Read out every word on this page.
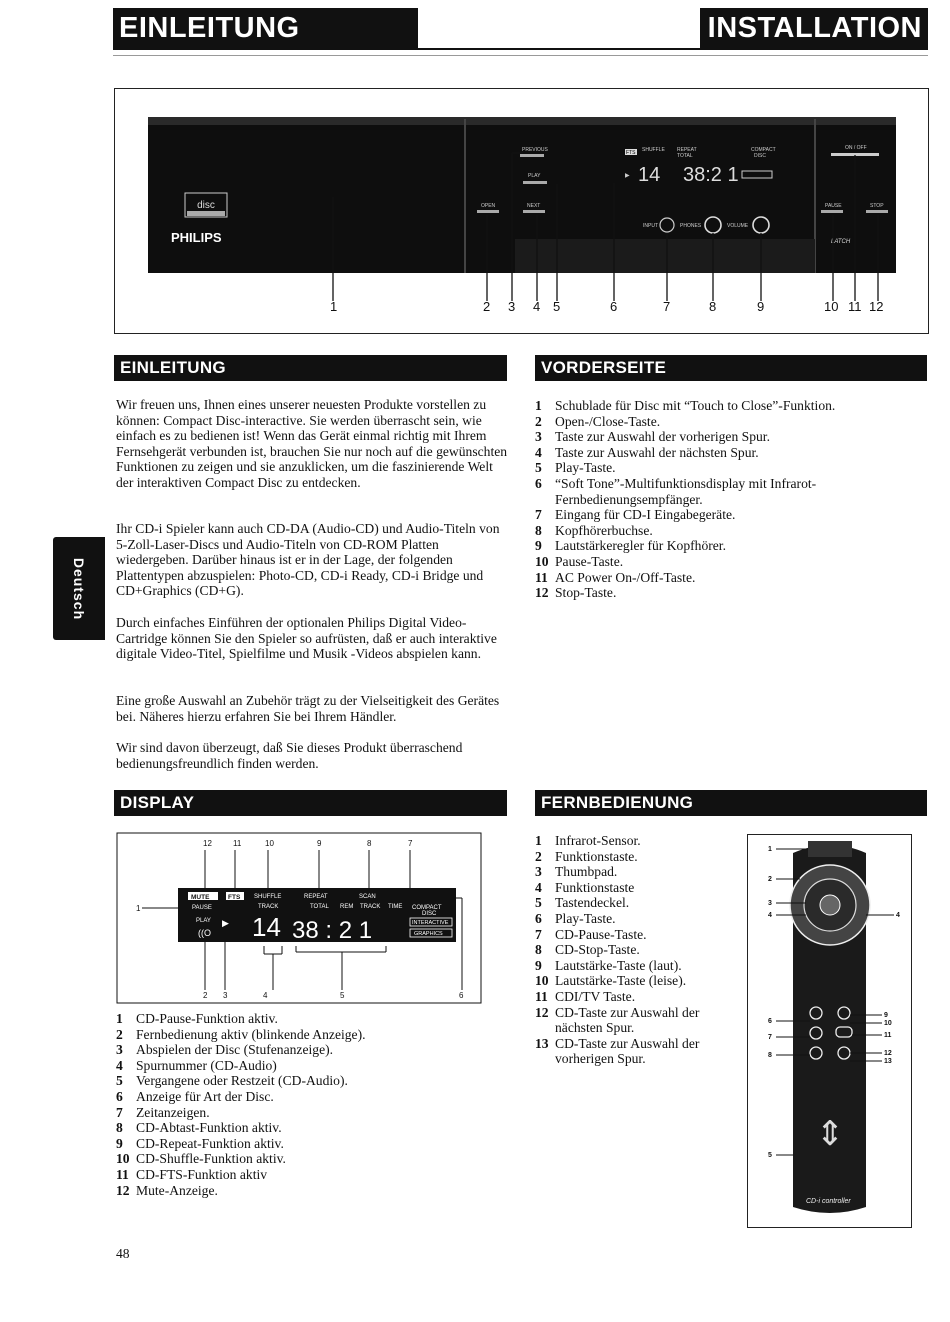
EINLEITUNG	INSTALLATION
disc
PHILIPS
PREVIOUS
PLAY
OPEN	NEXT
FTS SHUFFLE REPEAT
TOTAL
COMPACT
DISC
▶ 14 38:2 1
INPUT	PHONES	VOLUME
ON / OFF
PAUSE	STOP
LATCH
1	2 3 4 5	6	7	8	9	10 11 12
EINLEITUNG	VORDERSEITE
DISPLAY	FERNBEDIENUNG
Deutsch

Wir freuen uns, Ihnen eines unserer neuesten Produkte vorstellen zu können: Compact Disc-interactive. Sie werden überrascht sein, wie einfach es zu bedienen ist! Wenn das Gerät einmal richtig mit Ihrem Fernsehgerät verbunden ist, brauchen Sie nur noch auf die gewünschten Funktionen zu zeigen und sie anzuklicken, um die faszinierende Welt der interaktiven Compact Disc zu entdecken.

Ihr CD-i Spieler kann auch CD-DA (Audio-CD) und Audio-Titeln von 5-Zoll-Laser-Discs und Audio-Titeln von CD-ROM Platten wiedergeben. Darüber hinaus ist er in der Lage, der folgenden Plattentypen abzuspielen: Photo-CD, CD-i Ready, CD-i Bridge und CD+Graphics (CD+G).

Durch einfaches Einführen der optionalen Philips Digital Video-Cartridge können Sie den Spieler so aufrüsten, daß er auch interaktive digitale Video-Titel, Spielfilme und Musik -Videos abspielen kann.

Eine große Auswahl an Zubehör trägt zu der Vielseitigkeit des Gerätes bei. Näheres hierzu erfahren Sie bei Ihrem Händler.

Wir sind davon überzeugt, daß Sie dieses Produkt überraschend bedienungsfreundlich finden werden.

1 Schublade für Disc mit “Touch to Close”-Funktion.
2 Open-/Close-Taste.
3 Taste zur Auswahl der vorherigen Spur.
4 Taste zur Auswahl der nächsten Spur.
5 Play-Taste.
6 “Soft Tone”-Multifunktionsdisplay mit Infrarot-Fernbedienungsempfänger.
7 Eingang für CD-I Eingabegeräte.
8 Kopfhörerbuchse.
9 Lautstärkeregler für Kopfhörer.
10 Pause-Taste.
11 AC Power On-/Off-Taste.
12 Stop-Taste.
12	11	10	9	8	7
1
2 3	4	5	6
MUTE	FTS SHUFFLE	REPEAT	SCAN
PAUSE	TRACK	TOTAL REM TRACK TIME COMPACT
DISC
PLAY
((O
▶ 14 38 : 2 1	INTERACTIVE
GRAPHICS
1 CD-Pause-Funktion aktiv.
2 Fernbedienung aktiv (blinkende Anzeige).
3 Abspielen der Disc (Stufenanzeige).
4 Spurnummer (CD-Audio)
5 Vergangene oder Restzeit (CD-Audio).
6 Anzeige für Art der Disc.
7 Zeitanzeigen.
8 CD-Abtast-Funktion aktiv.
9 CD-Repeat-Funktion aktiv.
10 CD-Shuffle-Funktion aktiv.
11 CD-FTS-Funktion aktiv
12 Mute-Anzeige.
1 Infrarot-Sensor.
2 Funktionstaste.
3 Thumbpad.
4 Funktionstaste
5 Tastendeckel.
6 Play-Taste.
7 CD-Pause-Taste.
8 CD-Stop-Taste.
9 Lautstärke-Taste (laut).
10 Lautstärke-Taste (leise).
11 CDI/TV Taste.
12 CD-Taste zur Auswahl der nächsten Spur.
13 CD-Taste zur Auswahl der vorherigen Spur.
⇕
CD-i controller
1
2
3
4
6
7
8
5
4
9
10
11
12
13
48
